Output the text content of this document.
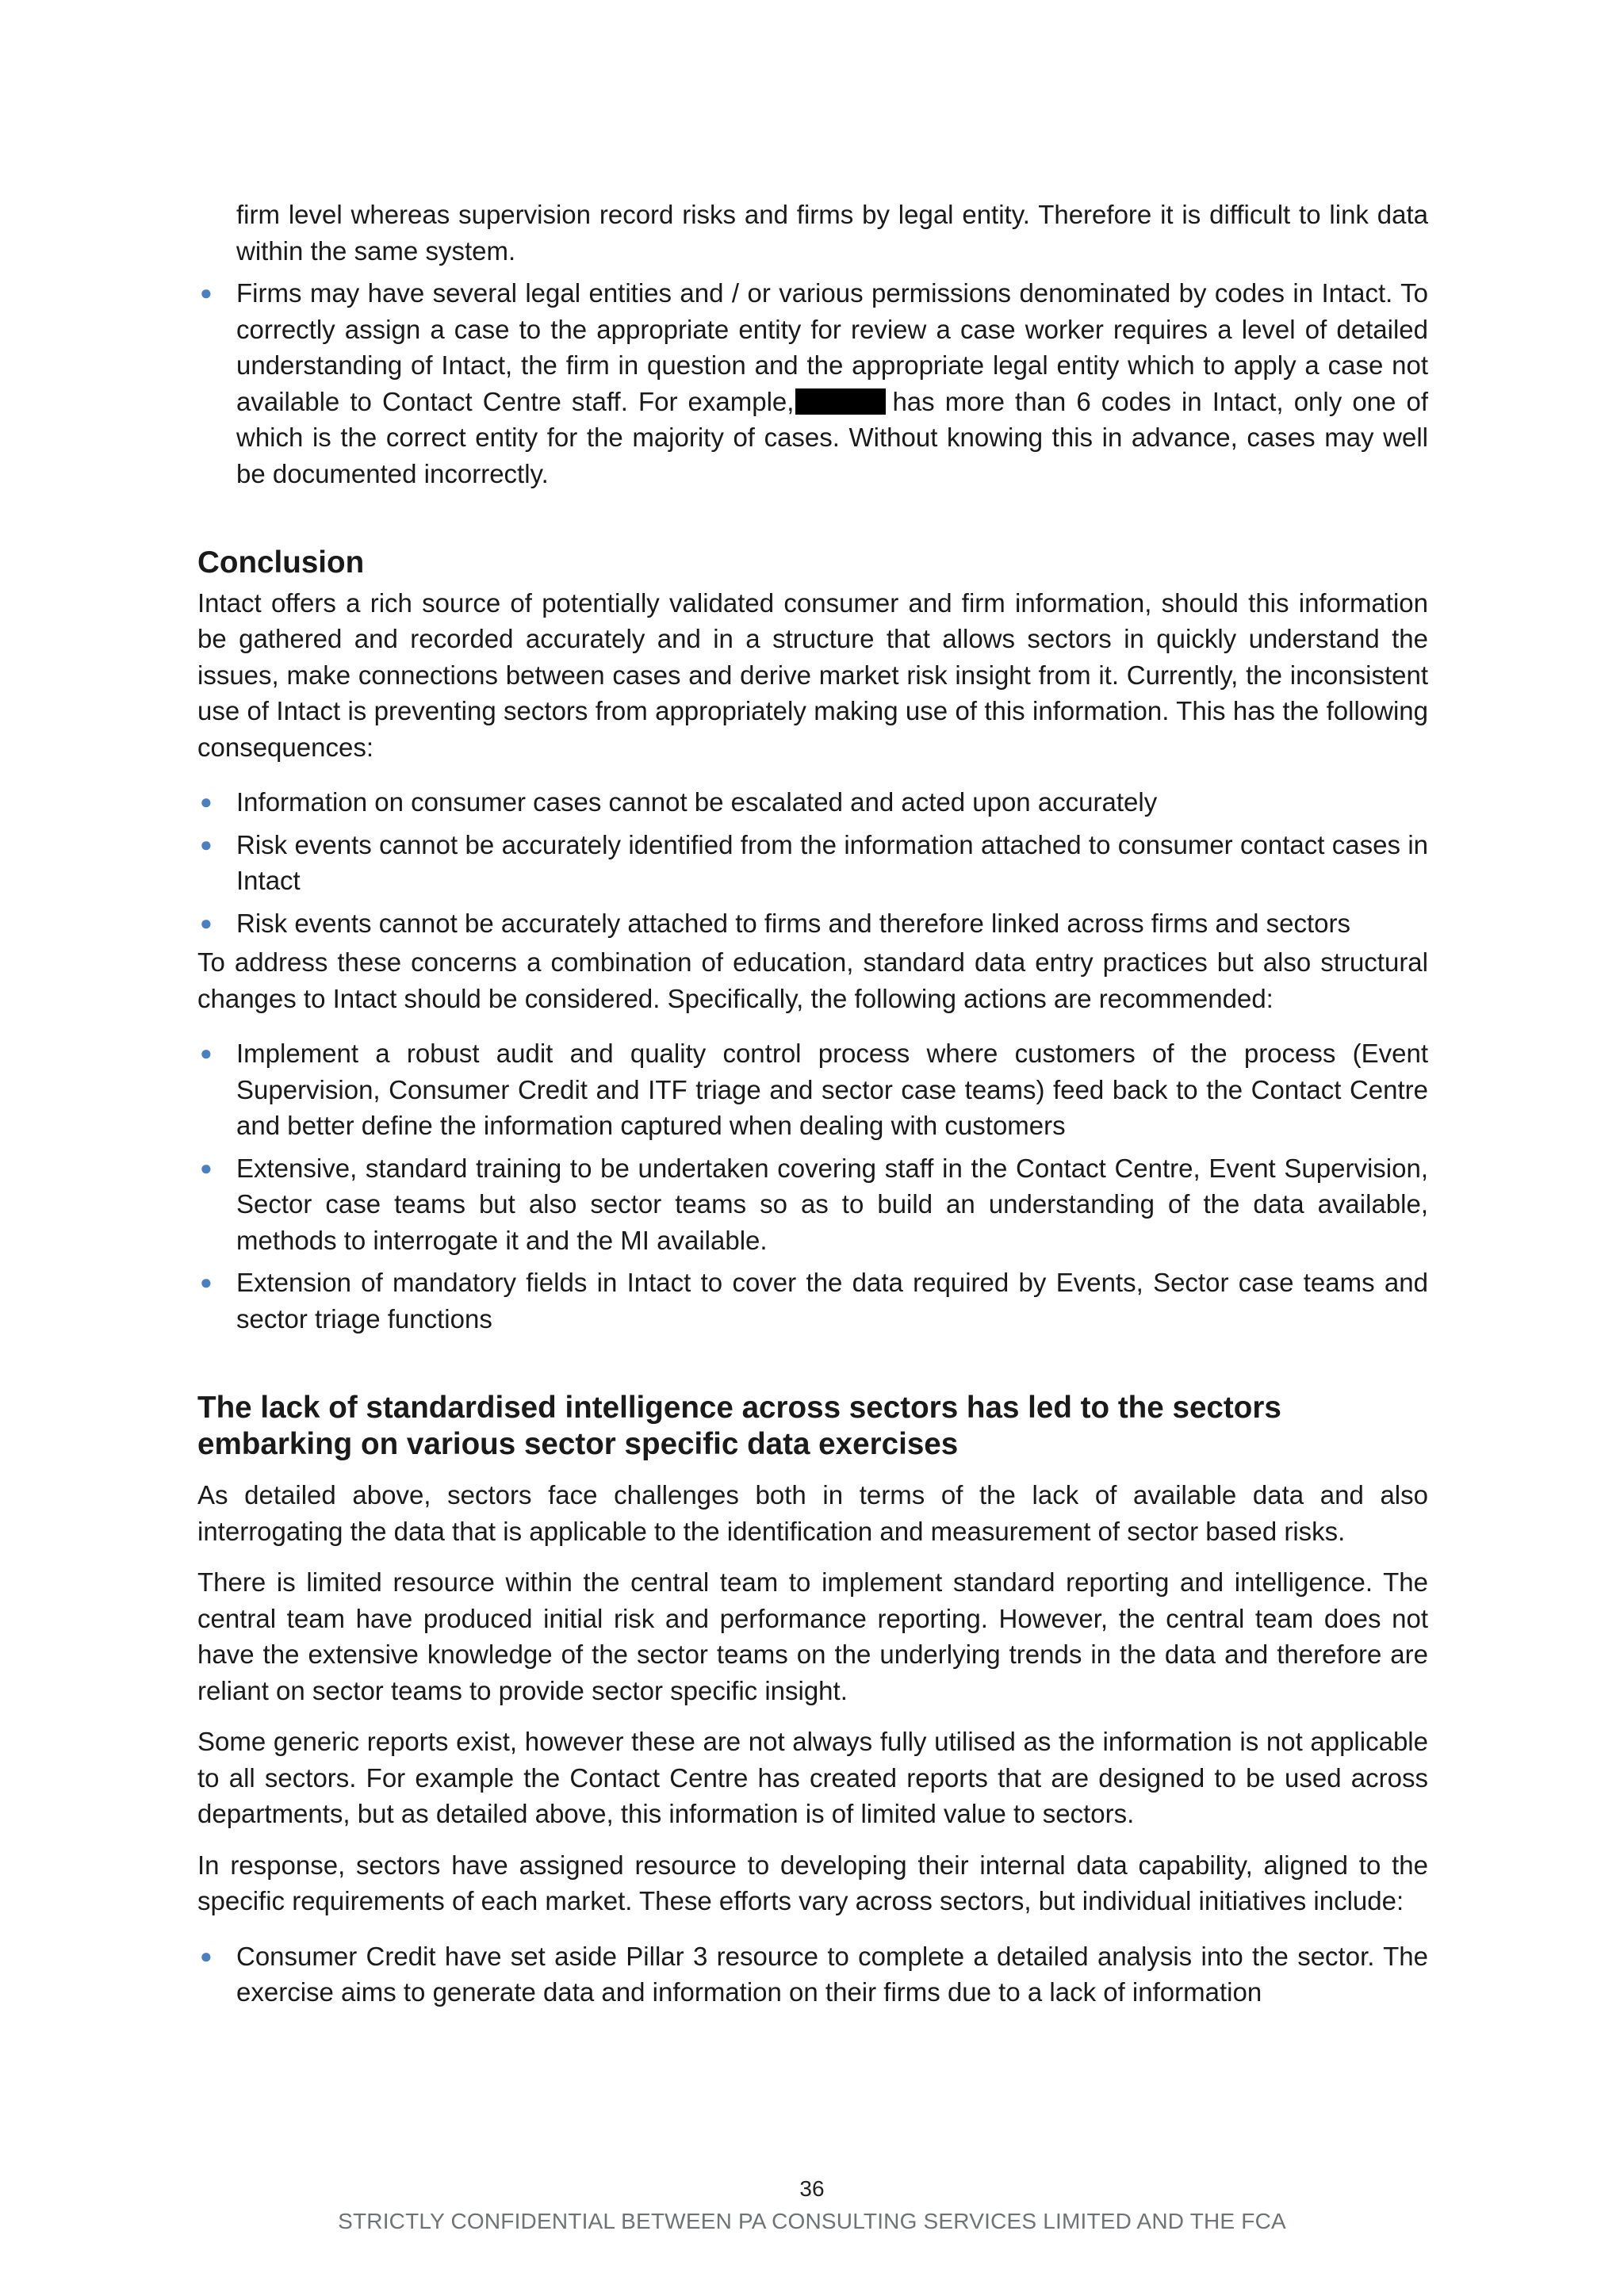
firm level whereas supervision record risks and firms by legal entity. Therefore it is difficult to link data within the same system.
● Firms may have several legal entities and / or various permissions denominated by codes in Intact. To correctly assign a case to the appropriate entity for review a case worker requires a level of detailed understanding of Intact, the firm in question and the appropriate legal entity which to apply a case not available to Contact Centre staff. For example,	has more than 6 codes in Intact, only one of which is the correct entity for the majority of cases. Without knowing this in advance, cases may well be documented incorrectly.
Conclusion

Intact offers a rich source of potentially validated consumer and firm information, should this information be gathered and recorded accurately and in a structure that allows sectors in quickly understand the issues, make connections between cases and derive market risk insight from it. Currently, the inconsistent use of Intact is preventing sectors from appropriately making use of this information. This has the following consequences:

● Information on consumer cases cannot be escalated and acted upon accurately
● Risk events cannot be accurately identified from the information attached to consumer contact cases in Intact
● Risk events cannot be accurately attached to firms and therefore linked across firms and sectors

To address these concerns a combination of education, standard data entry practices but also structural changes to Intact should be considered. Specifically, the following actions are recommended:

● Implement a robust audit and quality control process where customers of the process (Event Supervision, Consumer Credit and ITF triage and sector case teams) feed back to the Contact Centre and better define the information captured when dealing with customers
● Extensive, standard training to be undertaken covering staff in the Contact Centre, Event Supervision, Sector case teams but also sector teams so as to build an understanding of the data available, methods to interrogate it and the MI available.
● Extension of mandatory fields in Intact to cover the data required by Events, Sector case teams and sector triage functions
The lack of standardised intelligence across sectors has led to the sectors embarking on various sector specific data exercises

As detailed above, sectors face challenges both in terms of the lack of available data and also interrogating the data that is applicable to the identification and measurement of sector based risks.

There is limited resource within the central team to implement standard reporting and intelligence. The central team have produced initial risk and performance reporting. However, the central team does not have the extensive knowledge of the sector teams on the underlying trends in the data and therefore are reliant on sector teams to provide sector specific insight.

Some generic reports exist, however these are not always fully utilised as the information is not applicable to all sectors. For example the Contact Centre has created reports that are designed to be used across departments, but as detailed above, this information is of limited value to sectors.

In response, sectors have assigned resource to developing their internal data capability, aligned to the specific requirements of each market. These efforts vary across sectors, but individual initiatives include:

● Consumer Credit have set aside Pillar 3 resource to complete a detailed analysis into the sector. The exercise aims to generate data and information on their firms due to a lack of information
36
STRICTLY CONFIDENTIAL BETWEEN PA CONSULTING SERVICES LIMITED AND THE FCA
